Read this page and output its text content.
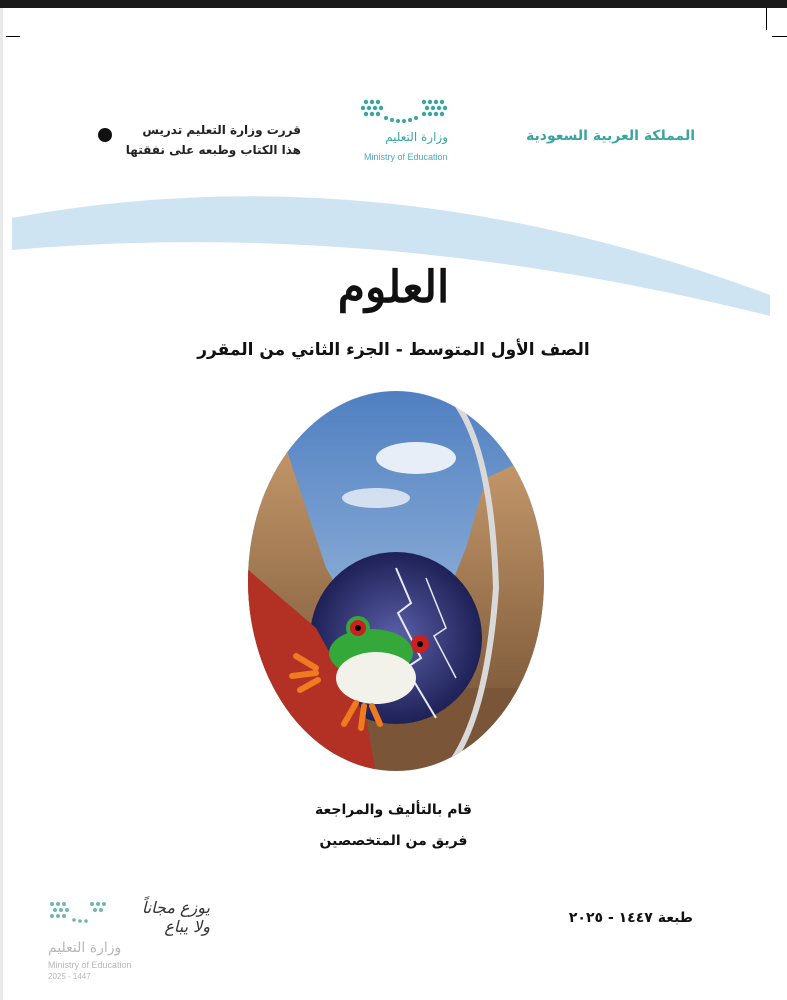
المملكة العربية السعودية
وزارة التعليم
Ministry of Education
قررت وزارة التعليم تدريس
هذا الكتاب وطبعه على نفقتها
العلوم
الصف الأول المتوسط - الجزء الثاني من المقرر
قام بالتأليف والمراجعة
فريق من المتخصصين
طبعة ١٤٤٧ - ٢٠٢٥
يوزع مجاناً ولا يباع
وزارة التعليم
Ministry of Education
2025 - 1447
